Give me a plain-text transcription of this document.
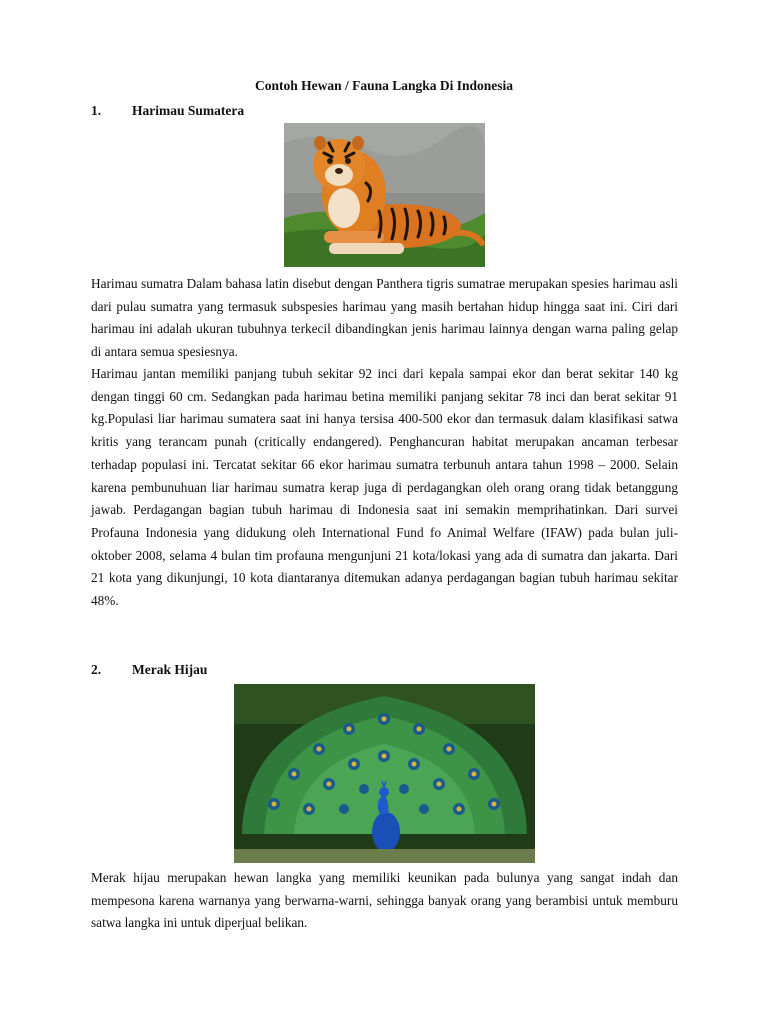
Contoh Hewan / Fauna Langka Di Indonesia
1. Harimau Sumatera
Harimau sumatra Dalam bahasa latin disebut dengan Panthera tigris sumatrae merupakan spesies harimau asli dari pulau sumatra yang termasuk subspesies harimau yang masih bertahan hidup hingga saat ini. Ciri dari harimau ini adalah ukuran tubuhnya terkecil dibandingkan jenis harimau lainnya dengan warna paling gelap di antara semua spesiesnya.
Harimau jantan memiliki panjang tubuh sekitar 92 inci dari kepala sampai ekor dan berat sekitar 140 kg dengan tinggi 60 cm. Sedangkan pada harimau betina memiliki panjang sekitar 78 inci dan berat sekitar 91 kg.Populasi liar harimau sumatera saat ini hanya tersisa 400-500 ekor dan termasuk dalam klasifikasi satwa kritis yang terancam punah (critically endangered). Penghancuran habitat merupakan ancaman terbesar terhadap populasi ini. Tercatat sekitar 66 ekor harimau sumatra terbunuh antara tahun 1998 – 2000. Selain karena pembunuhuan liar harimau sumatra kerap juga di perdagangkan oleh orang orang tidak betanggung jawab. Perdagangan bagian tubuh harimau di Indonesia saat ini semakin memprihatinkan. Dari survei Profauna Indonesia yang didukung oleh International Fund fo Animal Welfare (IFAW) pada bulan juli-oktober 2008, selama 4 bulan tim profauna mengunjuni 21 kota/lokasi yang ada di sumatra dan jakarta. Dari 21 kota yang dikunjungi, 10 kota diantaranya ditemukan adanya perdagangan bagian tubuh harimau sekitar 48%.
2. Merak Hijau
Merak hijau merupakan hewan langka yang memiliki keunikan pada bulunya yang sangat indah dan mempesona karena warnanya yang berwarna-warni, sehingga banyak orang yang berambisi untuk memburu satwa langka ini untuk diperjual belikan.
